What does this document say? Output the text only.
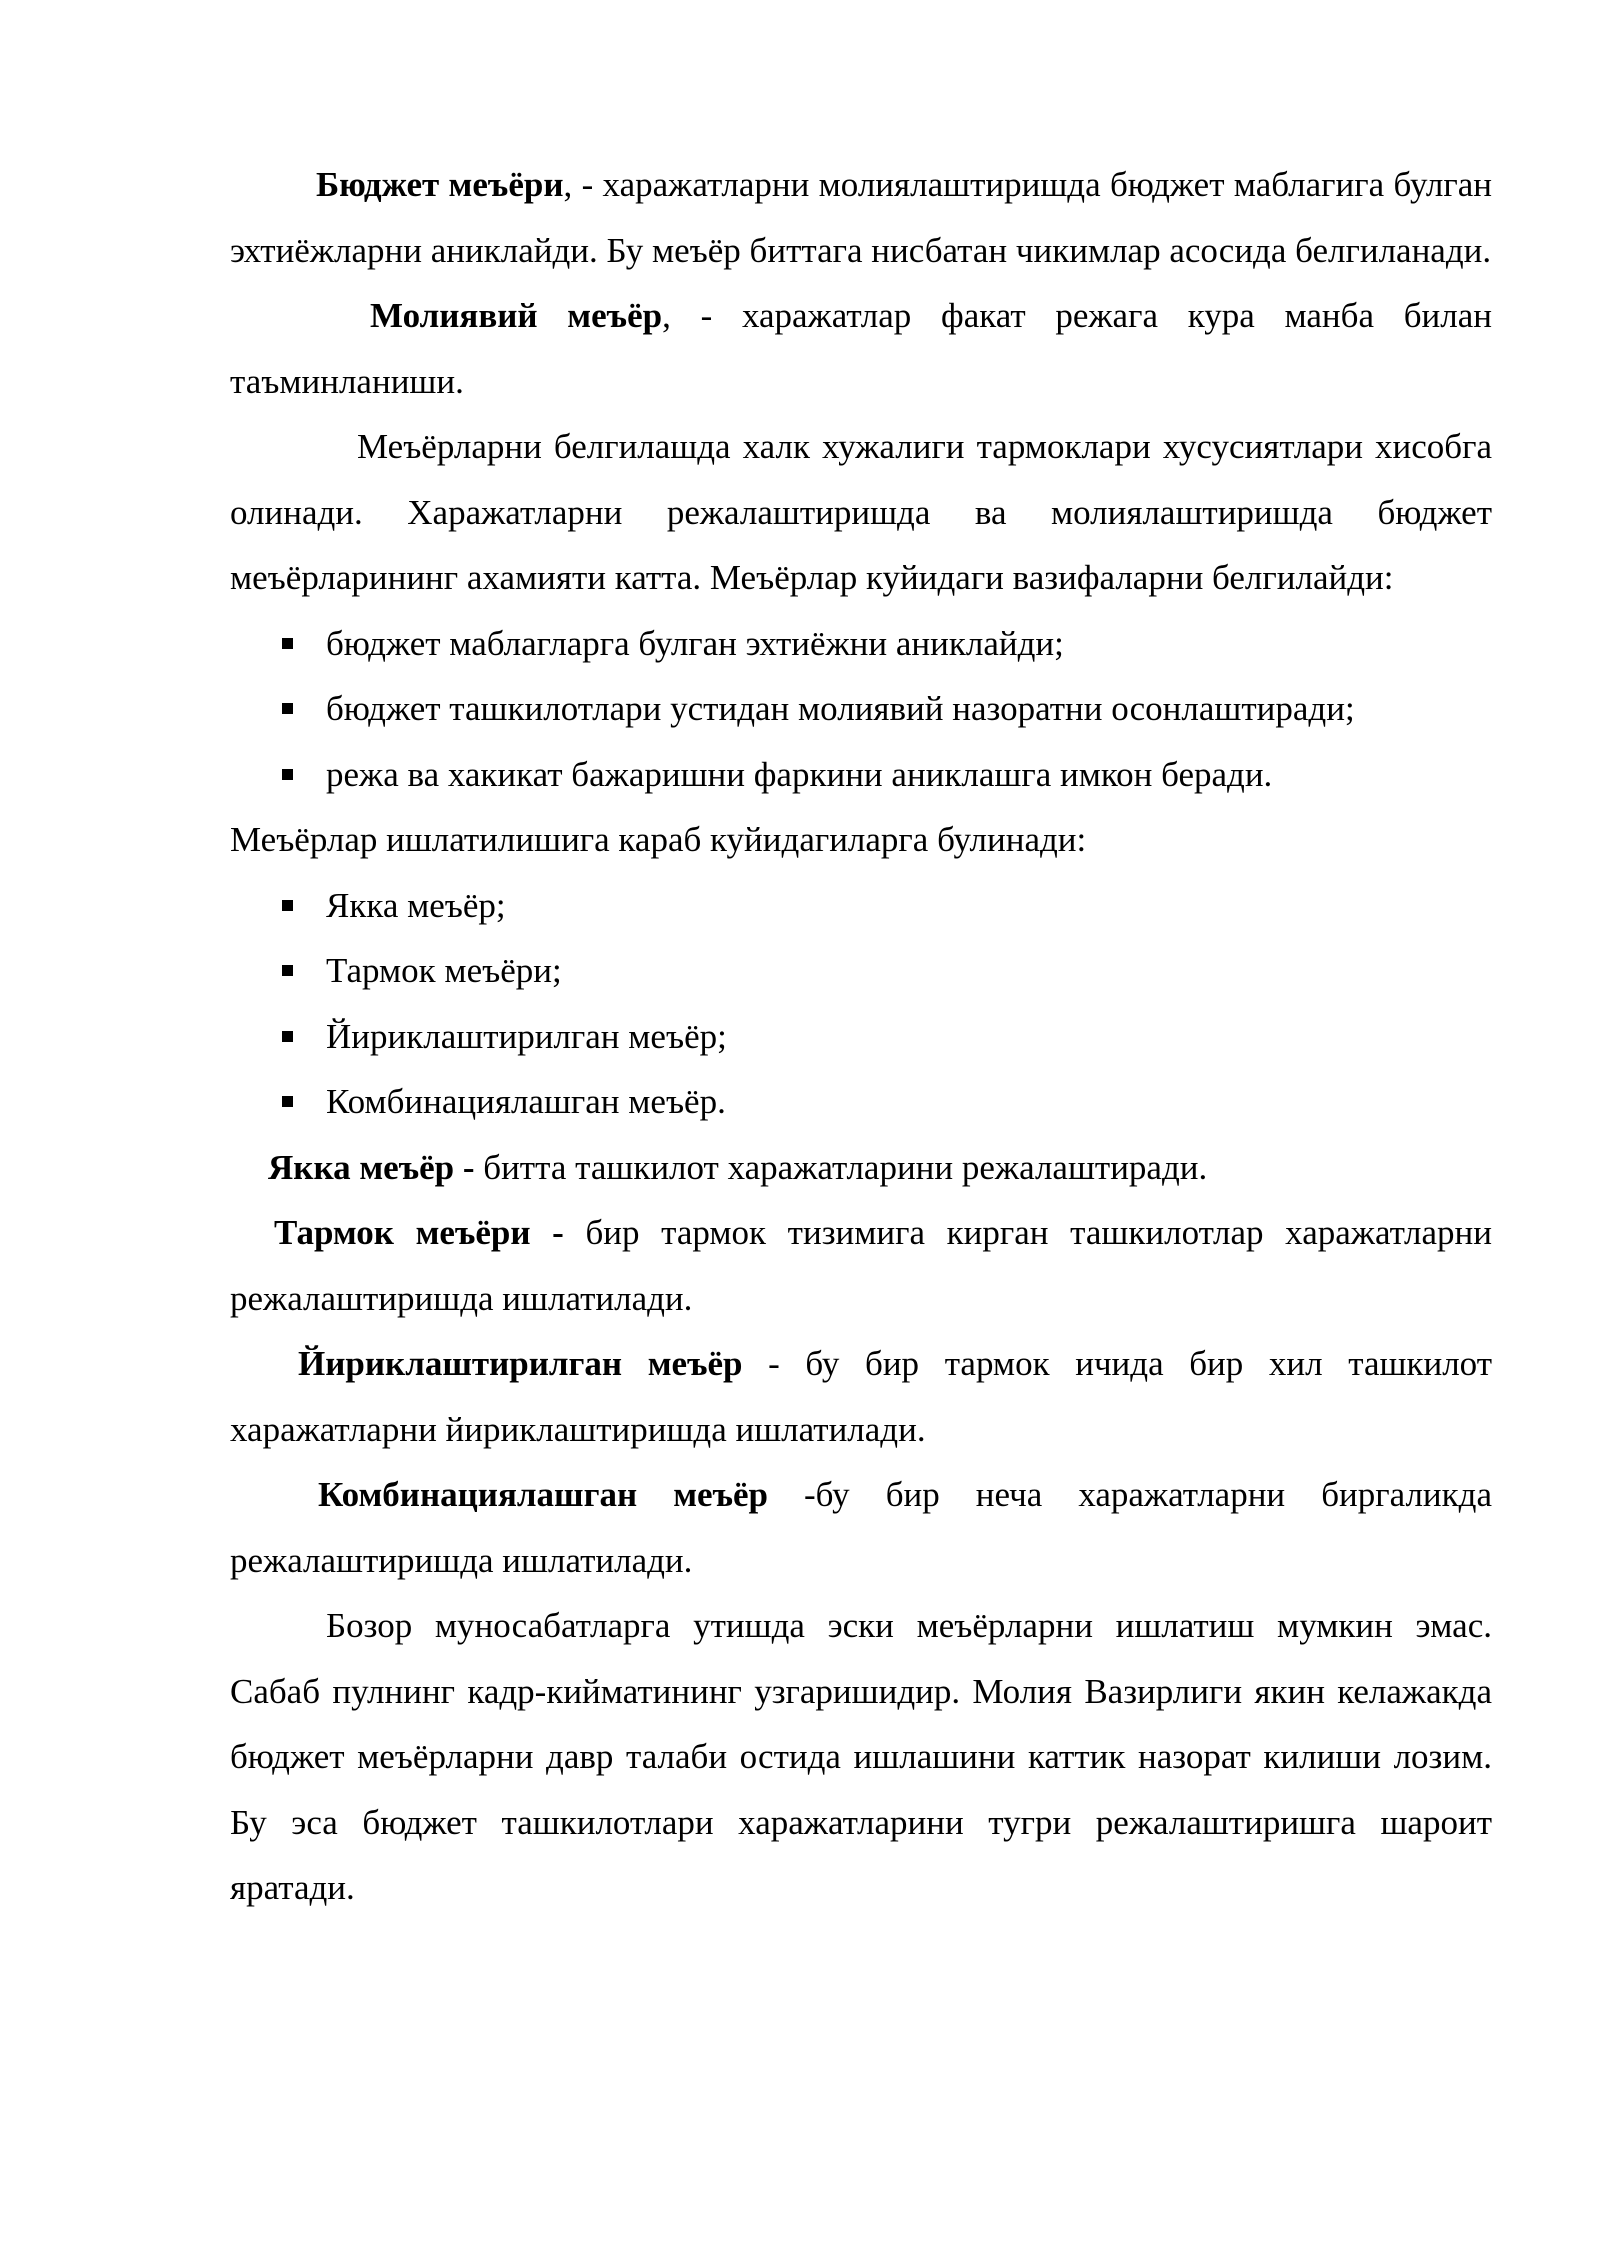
Бюджет меъёри, - харажатларни молиялаштиришда бюджет маблагига булган эхтиёжларни аниклайди. Бу меъёр биттага нисбатан чикимлар асосида белгиланади.

Молиявий меъёр, - харажатлар факат режага кура манба билан таъминланиши.

Меъёрларни белгилашда халк хужалиги тармоклари хусусиятлари хисобга олинади. Харажатларни режалаштиришда ва молиялаштиришда бюджет меъёрларининг ахамияти катта. Меъёрлар куйидаги вазифаларни белгилайди:

бюджет маблагларга булган эхтиёжни аниклайди;
бюджет ташкилотлари устидан молиявий назоратни осонлаштиради;
режа ва хакикат бажаришни фаркини аниклашга имкон беради.

Меъёрлар ишлатилишига караб куйидагиларга булинади:

Якка меъёр;
Тармок меъёри;
Йириклаштирилган меъёр;
Комбинациялашган меъёр.

Якка меъёр - битта ташкилот харажатларини режалаштиради.

Тармок меъёри - бир тармок тизимига кирган ташкилотлар харажатларни режалаштиришда ишлатилади.

Йириклаштирилган меъёр - бу бир тармок ичида бир хил ташкилот харажатларни йириклаштиришда ишлатилади.

Комбинациялашган меъёр -бу бир неча харажатларни биргаликда режалаштиришда ишлатилади.

Бозор муносабатларга утишда эски меъёрларни ишлатиш мумкин эмас. Сабаб пулнинг кадр-кийматининг узгаришидир. Молия Вазирлиги якин келажакда бюджет меъёрларни давр талаби остида ишлашини каттик назорат килиши лозим. Бу эса бюджет ташкилотлари харажатларини тугри режалаштиришга шароит яратади.
